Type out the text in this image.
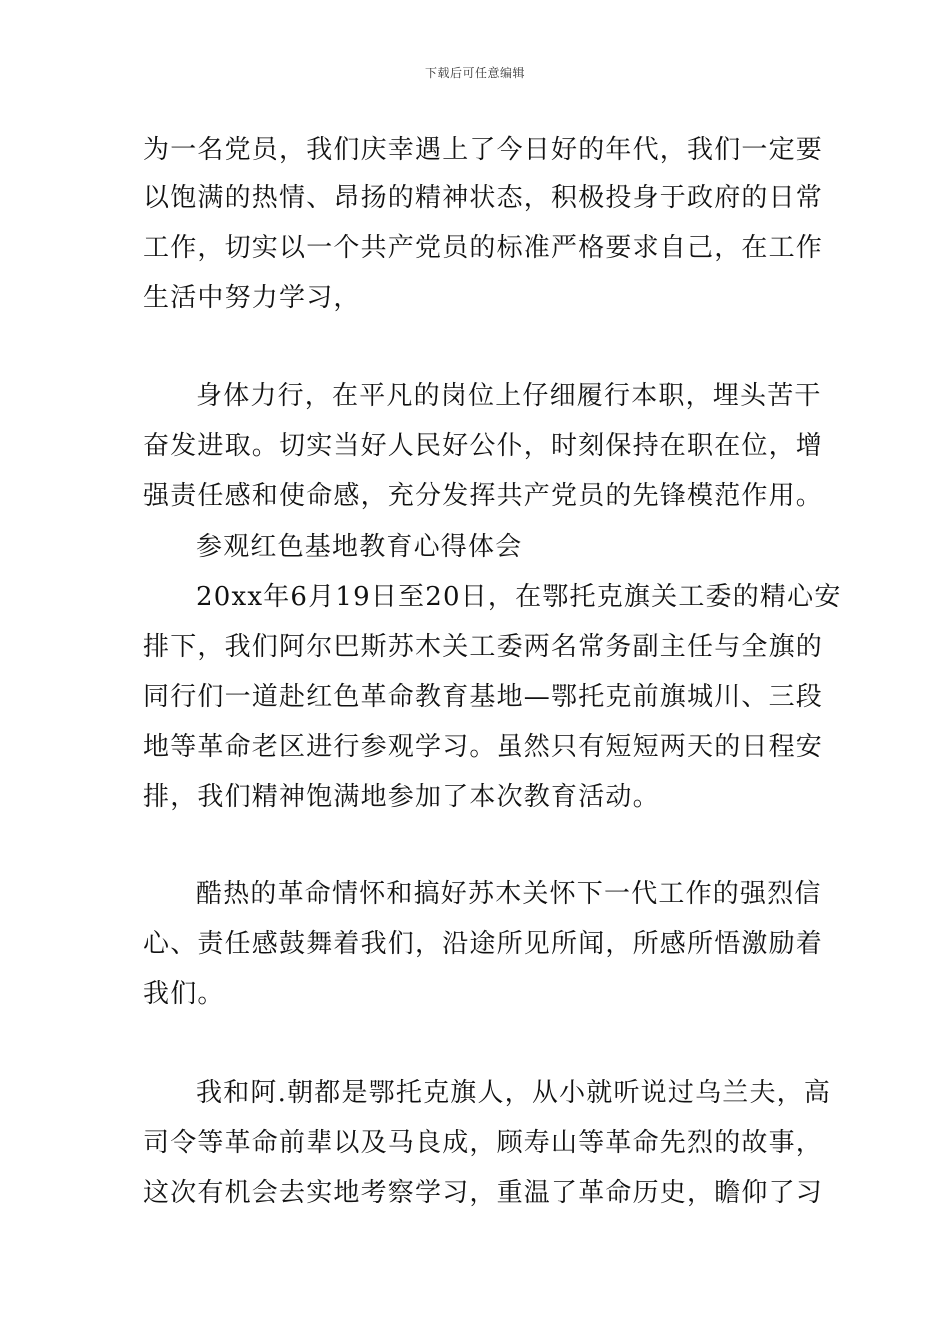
下载后可任意编辑
为一名党员，我们庆幸遇上了今日好的年代，我们一定要
以饱满的热情、昂扬的精神状态，积极投身于政府的日常
工作，切实以一个共产党员的标准严格要求自己，在工作
生活中努力学习，
身体力行，在平凡的岗位上仔细履行本职，埋头苦干
奋发进取。切实当好人民好公仆，时刻保持在职在位，增
强责任感和使命感，充分发挥共产党员的先锋模范作用。
参观红色基地教育心得体会
20xx年6月19日至20日，在鄂托克旗关工委的精心安
排下，我们阿尔巴斯苏木关工委两名常务副主任与全旗的
同行们一道赴红色革命教育基地—鄂托克前旗城川、三段
地等革命老区进行参观学习。虽然只有短短两天的日程安
排，我们精神饱满地参加了本次教育活动。
酷热的革命情怀和搞好苏木关怀下一代工作的强烈信
心、责任感鼓舞着我们，沿途所见所闻，所感所悟激励着
我们。
我和阿.朝都是鄂托克旗人，从小就听说过乌兰夫，高
司令等革命前辈以及马良成，顾寿山等革命先烈的故事，
这次有机会去实地考察学习，重温了革命历史，瞻仰了习
